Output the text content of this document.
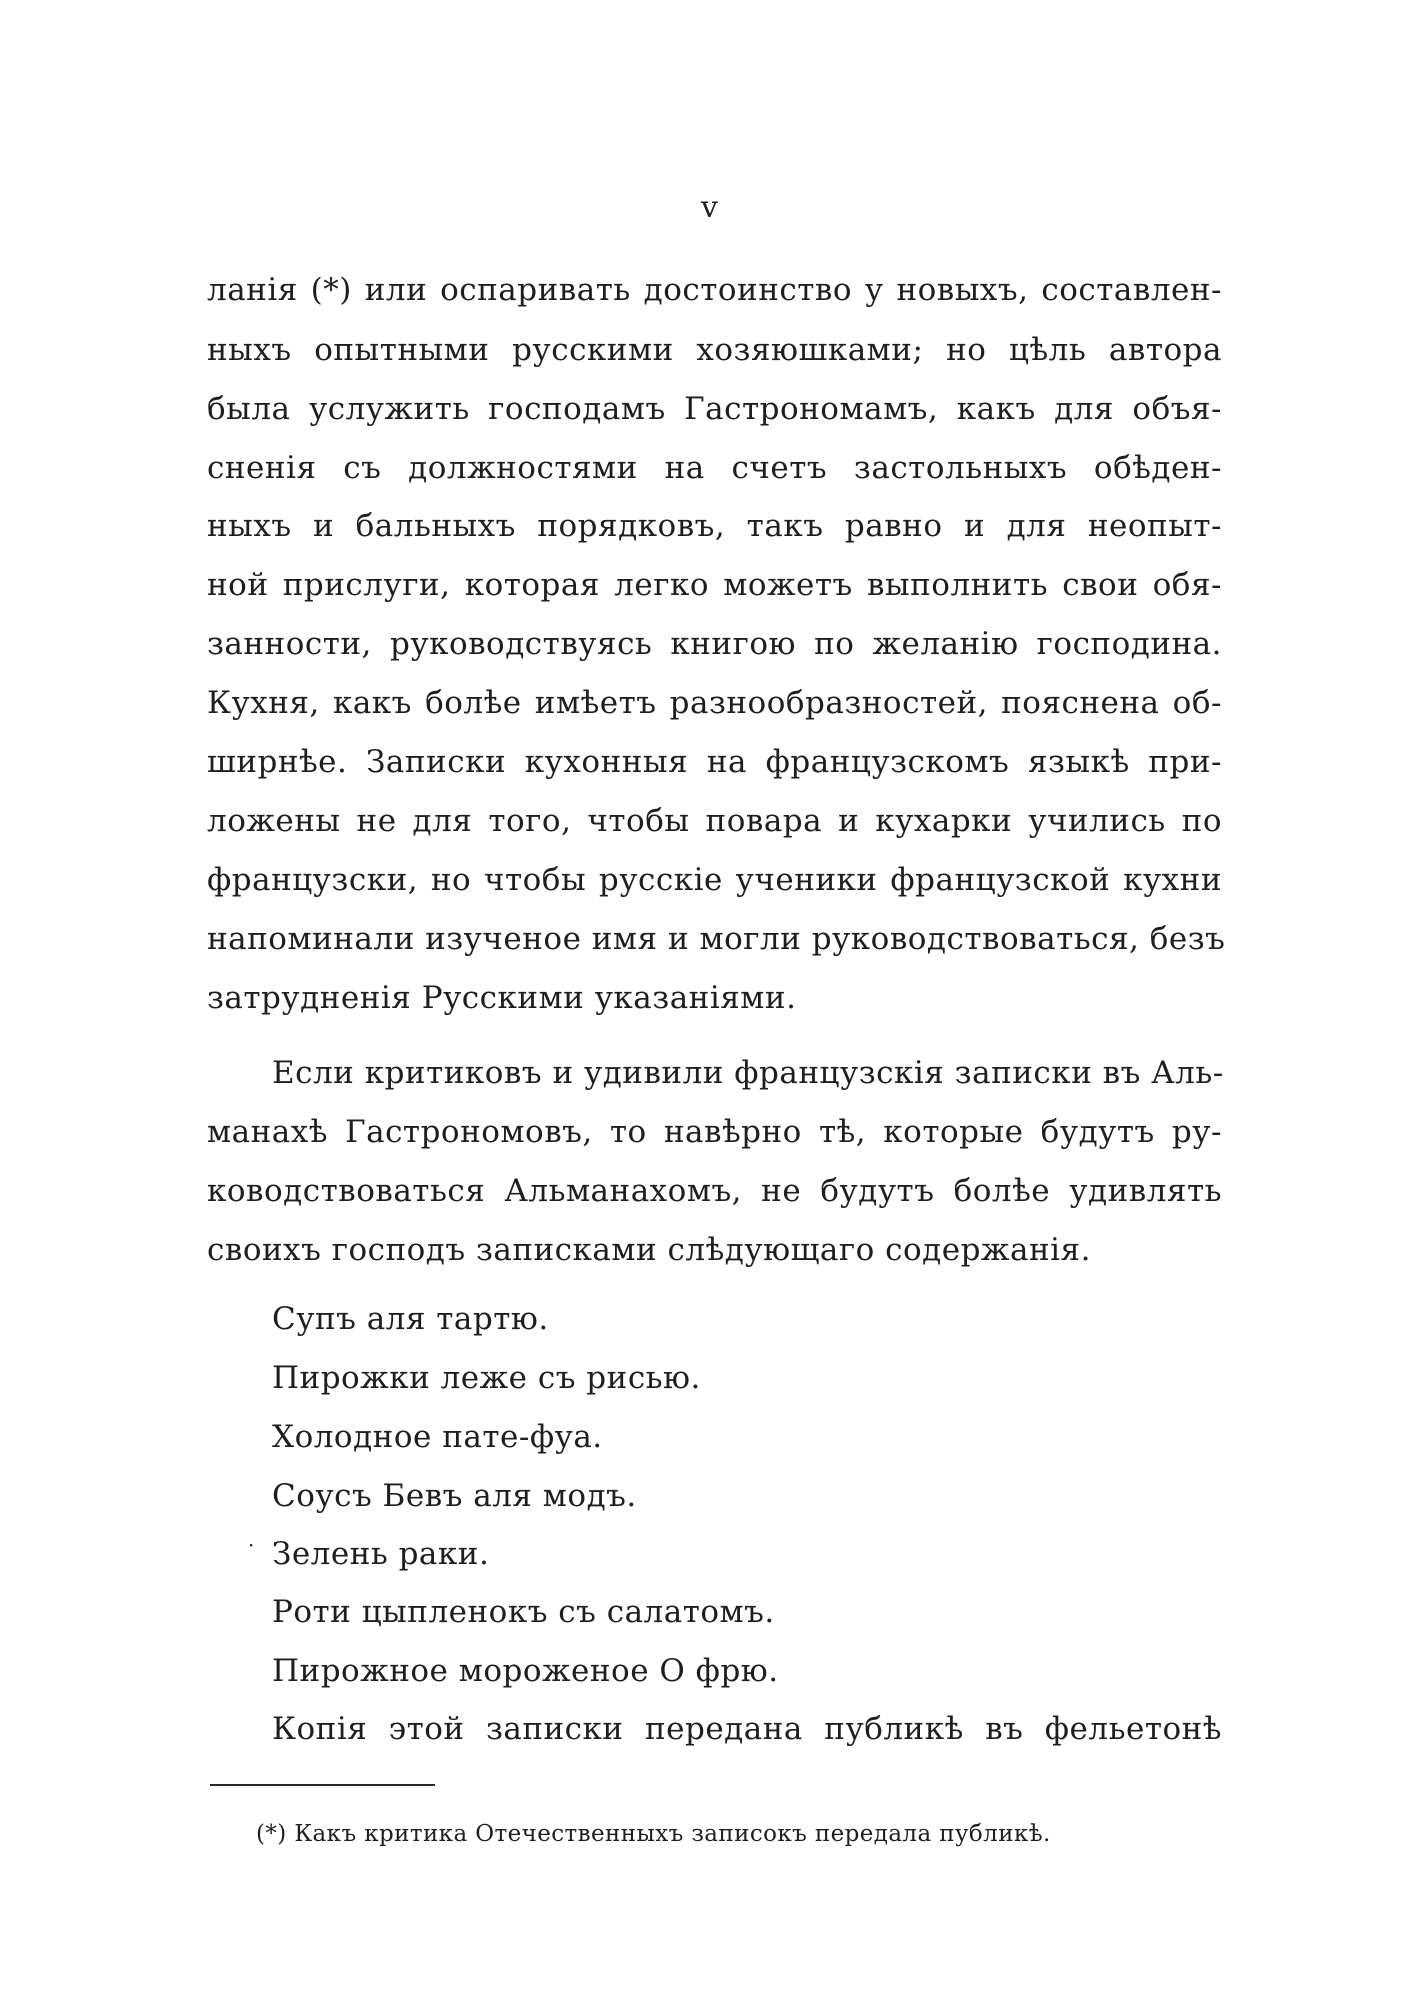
v
ланія (*) или оспаривать достоинство у новыхъ, составлен-
ныхъ опытными русскими хозяюшками; но цѣль автора
была услужить господамъ Гастрономамъ, какъ для объя-
сненія съ должностями на счетъ застольныхъ обѣден-
ныхъ и бальныхъ порядковъ, такъ равно и для неопыт-
ной прислуги, которая легко можетъ выполнить свои обя-
занности, руководствуясь книгою по желанію господина.
Кухня, какъ болѣе имѣетъ разнообразностей, пояснена об-
ширнѣе. Записки кухонныя на французскомъ языкѣ при-
ложены не для того, чтобы повара и кухарки учились по
французски, но чтобы русскіе ученики французской кухни
напоминали изученое имя и могли руководствоваться, безъ
затрудненія Русскими указаніями.
Если критиковъ и удивили французскія записки въ Аль-
манахѣ Гастрономовъ, то навѣрно тѣ, которые будутъ ру-
ководствоваться Альманахомъ, не будутъ болѣе удивлять
своихъ господъ записками слѣдующаго содержанія.
Супъ аля тартю.
Пирожки леже съ рисью.
Холодное пате-фуа.
Соусъ Бевъ аля модъ.
· Зелень раки.
Роти цыпленокъ съ салатомъ.
Пирожное мороженое О фрю.
Копія этой записки передана публикѣ въ фельетонѣ
(*) Какъ критика Отечественныхъ записокъ передала публикѣ.
